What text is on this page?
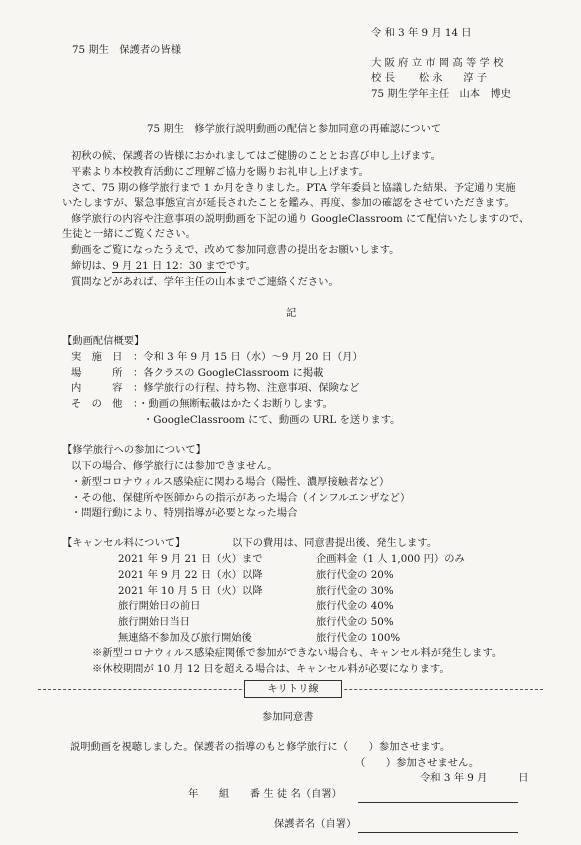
令 和 3 年 9 月 14 日
75 期生　保護者の皆様
大 阪 府 立 市 岡 高 等 学 校
校 長　　 松 永　　淳 子
75 期生学年主任　山本　博史
75 期生　修学旅行説明動画の配信と参加同意の再確認について
初秋の候、保護者の皆様におかれましてはご健勝のこととお喜び申し上げます。
平素より本校教育活動にご理解ご協力を賜りお礼申し上げます。
さて、75 期の修学旅行まで 1 か月をきりました。PTA 学年委員と協議した結果、予定通り実施
いたしますが、緊急事態宣言が延長されたことを鑑み、再度、参加の確認をさせていただきます。
修学旅行の内容や注意事項の説明動画を下記の通り GoogleClassroom にて配信いたしますので、
生徒と一緒にご覧ください。
動画をご覧になったうえで、改めて参加同意書の提出をお願いします。
締切は、9 月 21 日 12：30 までです。
質問などがあれば、学年主任の山本までご連絡ください。
記
【動画配信概要】
実　施　日 ：令和 3 年 9 月 15 日（水）～9 月 20 日（月）
場　　　所 ：各クラスの GoogleClassroom に掲載
内　　　容 ：修学旅行の行程、持ち物、注意事項、保険など
そ　の　他 ：・動画の無断転載はかたくお断りします。
・GoogleClassroom にて、動画の URL を送ります。
【修学旅行への参加について】
以下の場合、修学旅行には参加できません。
・新型コロナウィルス感染症に関わる場合（陽性、濃厚接触者など）
・その他、保健所や医師からの指示があった場合（インフルエンザなど）
・問題行動により、特別指導が必要となった場合
【キャンセル料について】	以下の費用は、同意書提出後、発生します。
2021 年 9 月 21 日（火）まで	企画料金（1 人 1,000 円）のみ
2021 年 9 月 22 日（水）以降	旅行代金の 20%
2021 年 10 月 5 日（火）以降	旅行代金の 30%
旅行開始日の前日	旅行代金の 40%
旅行開始日当日	旅行代金の 50%
無連絡不参加及び旅行開始後	旅行代金の 100%
※新型コロナウィルス感染症関係で参加ができない場合も、キャンセル料が発生します。
※休校期間が 10 月 12 日を超える場合は、キャンセル料が必要になります。
キリトリ線
参加同意書
説明動画を視聴しました。保護者の指導のもと修学旅行に（　　）参加させます。
（　　）参加させません。
令和 3 年 9 月　　　日
年　　組　　番 生 徒 名（自署）
保護者名（自署）
